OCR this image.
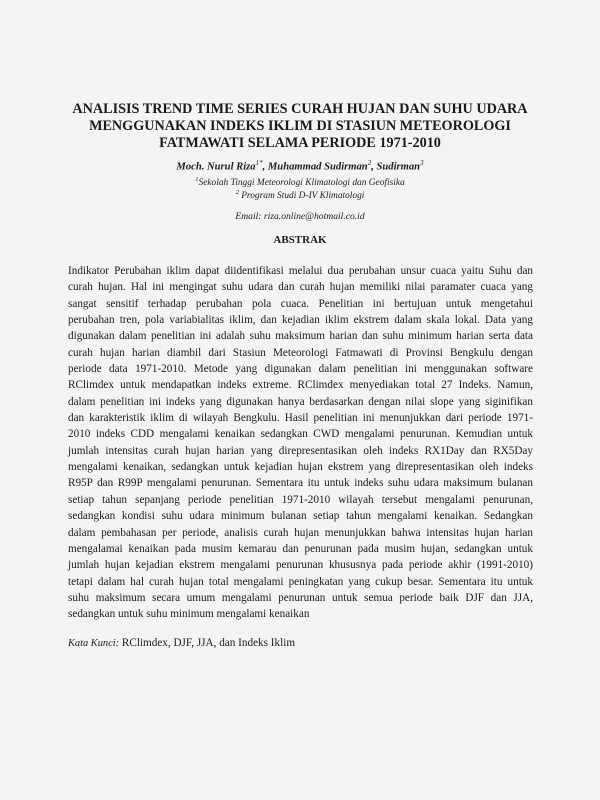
ANALISIS TREND TIME SERIES CURAH HUJAN DAN SUHU UDARA
MENGGUNAKAN INDEKS IKLIM DI STASIUN METEOROLOGI
FATMAWATI SELAMA PERIODE 1971-2010
Moch. Nurul Riza$^{1*}$, Muhammad Sudirman$^2$, Sudirman$^3$
$^1$Sekolah Tinggi Meteorologi Klimatologi dan Geofisika
$^2$ Program Studi D-IV Klimatologi
Email: riza.online@hotmail.co.id
ABSTRAK
Indikator Perubahan iklim dapat diidentifikasi melalui dua perubahan unsur cuaca yaitu Suhu dan
curah hujan. Hal ini mengingat suhu udara dan curah hujan memiliki nilai paramater cuaca yang
sangat sensitif terhadap perubahan pola cuaca. Penelitian ini bertujuan untuk mengetahui
perubahan tren, pola variabialitas iklim, dan kejadian iklim ekstrem dalam skala lokal. Data yang
digunakan dalam penelitian ini adalah suhu maksimum harian dan suhu minimum harian serta data
curah hujan harian diambil dari Stasiun Meteorologi Fatmawati di Provinsi Bengkulu dengan
periode data 1971-2010. Metode yang digunakan dalam penelitian ini menggunakan software
RClimdex untuk mendapatkan indeks extreme. RClimdex menyediakan total 27 Indeks. Namun,
dalam penelitian ini indeks yang digunakan hanya berdasarkan dengan nilai slope yang siginifikan
dan karakteristik iklim di wilayah Bengkulu. Hasil penelitian ini menunjukkan dari periode 1971-
2010 indeks CDD mengalami kenaikan sedangkan CWD mengalami penurunan. Kemudian untuk
jumlah intensitas curah hujan harian yang direpresentasikan oleh indeks RX1Day dan RX5Day
mengalami kenaikan, sedangkan untuk kejadian hujan ekstrem yang direpresentasikan oleh indeks
R95P dan R99P mengalami penurunan. Sementara itu untuk indeks suhu udara maksimum bulanan
setiap tahun sepanjang periode penelitian 1971-2010 wilayah tersebut mengalami penurunan,
sedangkan kondisi suhu udara minimum bulanan setiap tahun mengalami kenaikan. Sedangkan
dalam pembahasan per periode, analisis curah hujan menunjukkan bahwa intensitas hujan harian
mengalamai kenaikan pada musim kemarau dan penurunan pada musim hujan, sedangkan untuk
jumlah hujan kejadian ekstrem mengalami penurunan khususnya pada periode akhir (1991-2010)
tetapi dalam hal curah hujan total mengalami peningkatan yang cukup besar. Sementara itu untuk
suhu maksimum secara umum mengalami penurunan untuk semua periode baik DJF dan JJA,
sedangkan untuk suhu minimum mengalami kenaikan
Kata Kunci: RClimdex, DJF, JJA, dan Indeks Iklim
